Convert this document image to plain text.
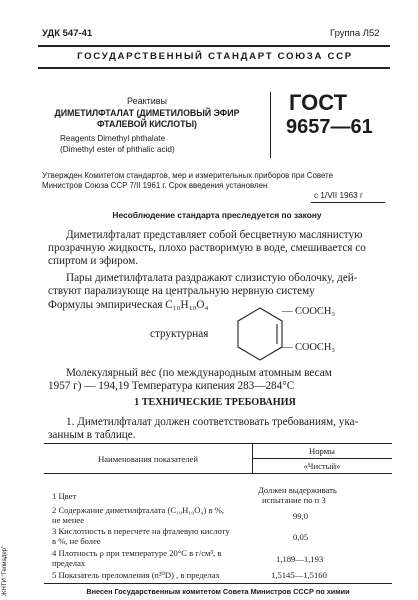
УДК 547-41	Группа Л52
ГОСУДАРСТВЕННЫЙ СТАНДАРТ СОЮЗА ССР
Реактивы
ДИМЕТИЛФТАЛАТ (ДИМЕТИЛОВЫЙ ЭФИР
ФТАЛЕВОЙ КИСЛОТЫ)
Reagents Dimethyl phthalate
(Dimethyl ester of phthalic acid)
ГОСТ
9657—61
Утвержден Комитетом стандартов, мер и измерительных приборов при Совете
Министров Союза ССР 7/II 1961 г. Срок введения установлен
с 1/VII 1963 г
Несоблюдение стандарта преследуется по закону
Диметилфталат представляет собой бесцветную маслянистую
прозрачную жидкость, плохо растворимую в воде, смешивается со
спиртом и эфиром.
Пары диметилфталата раздражают слизистую оболочку, дей-
ствуют парализующе на центральную нервную систему
Формулы эмпирическая C₁₀H₁₀O₄
структурная
— COOCH₃
— COOCH₃
Молекулярный вес (по международным атомным весам
1957 г) — 194,19 Температура кипения 283—284°C
1 ТЕХНИЧЕСКИЕ ТРЕБОВАНИЯ
1. Диметилфталат должен соответствовать требованиям, ука-
занным в таблице.
Наименования показателей
Нормы
«Чистый»
1 Цвет
Должен выдерживать
испытание по п 3
2 Содержание диметилфталата (C₁₀H₁₀O₄) в %,
не менее	99,0
3 Кислотность в пересчете на фталевую кислоту
в %, не более	0,05
4 Плотность ρ при температуре 20°C в г/см³, в
пределах	1,189—1,193
5 Показатель преломления (n²⁰D) , в пределах	1,5145—1,5160
Внесен Государственным комитетом Совета Министров СССР по химии
ЖНТИ "Гелиадер"
